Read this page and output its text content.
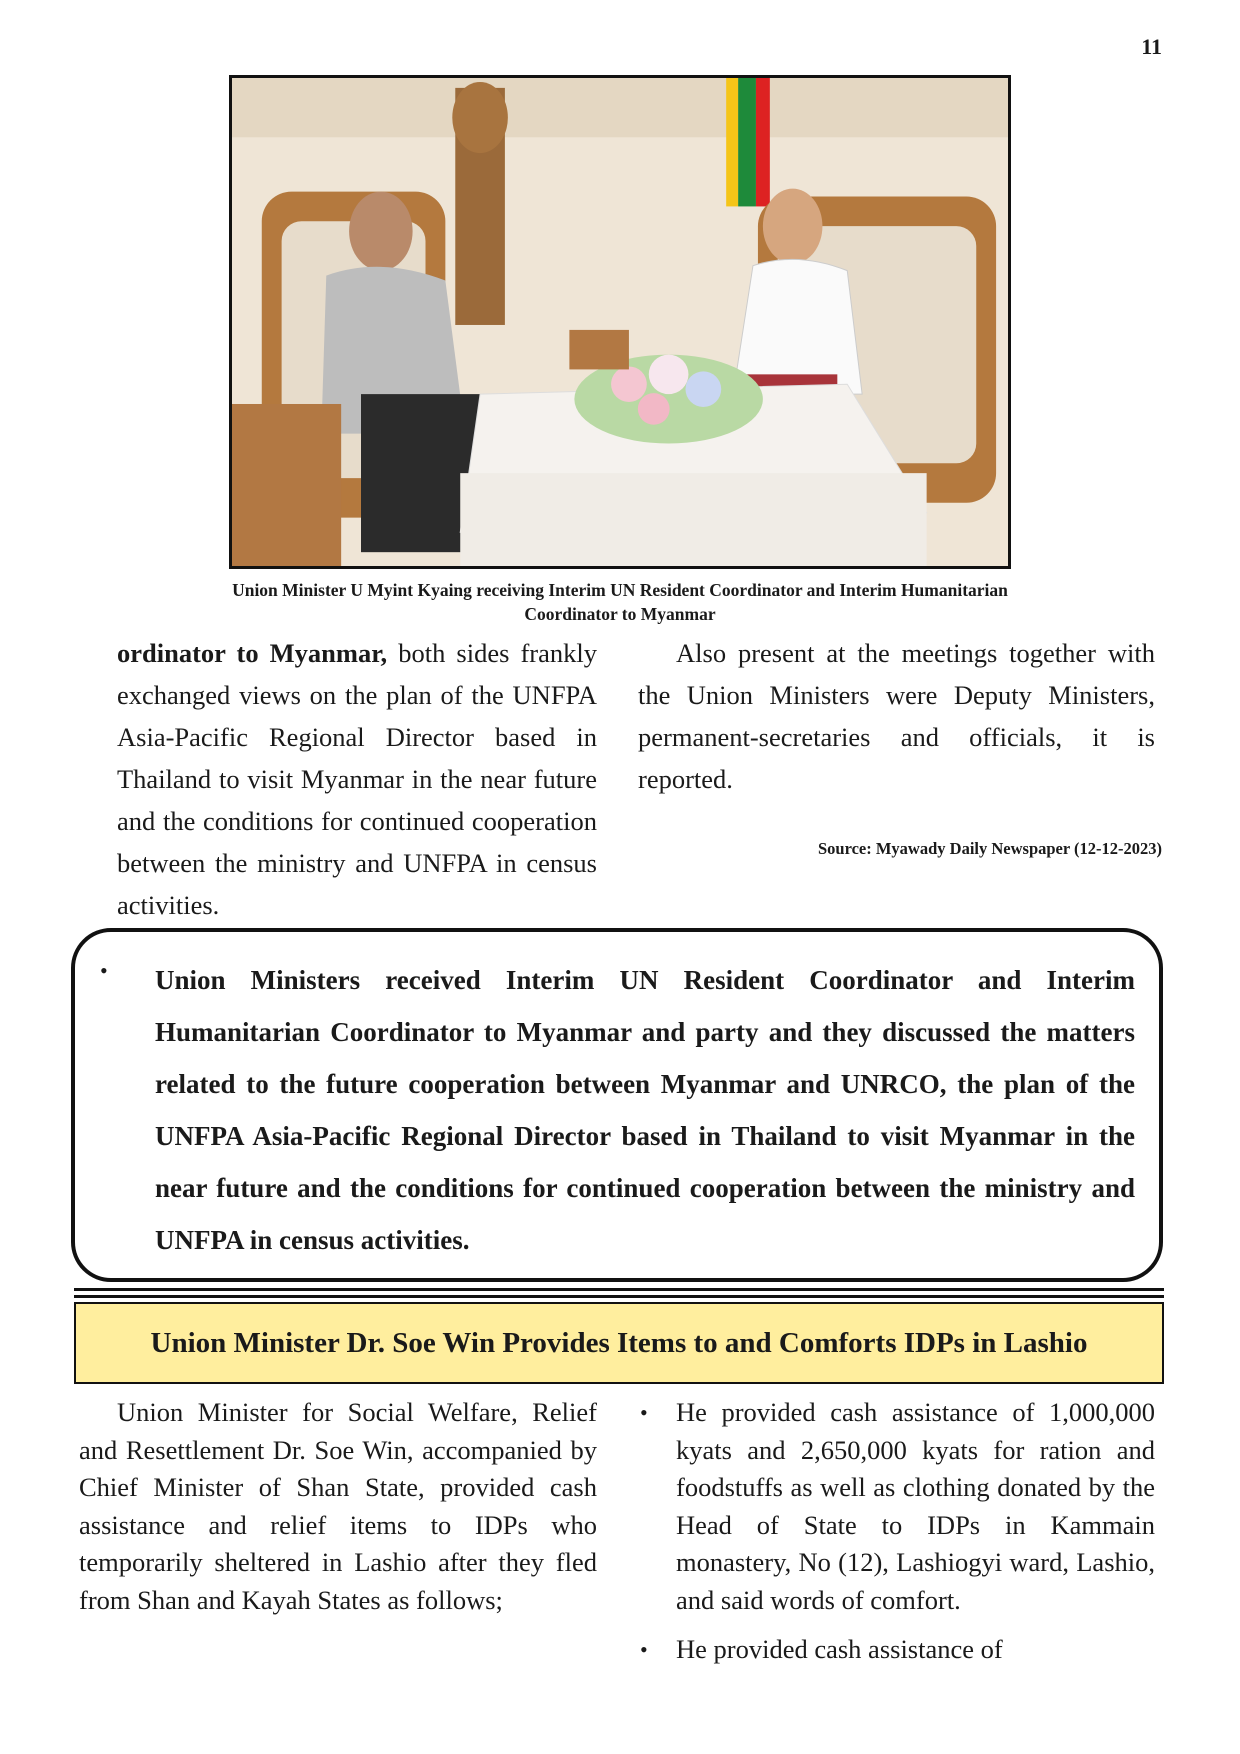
11
Union Minister U Myint Kyaing receiving Interim UN Resident Coordinator and Interim Humanitarian
Coordinator to Myanmar

ordinator to Myanmar, both sides frankly exchanged views on the plan of the UNFPA Asia-Pacific Regional Director based in Thailand to visit Myanmar in the near future and the conditions for continued cooperation between the ministry and UNFPA in census activities.

Also present at the meetings together with the Union Ministers were Deputy Ministers, permanent-secretaries and officials, it is reported.

Source: Myawady Daily Newspaper (12-12-2023)
•	Union Ministers received Interim UN Resident Coordinator and Interim Humanitarian Coordinator to Myanmar and party and they discussed the matters related to the future cooperation between Myanmar and UNRCO, the plan of the UNFPA Asia-Pacific Regional Director based in Thailand to visit Myanmar in the near future and the conditions for continued cooperation between the ministry and UNFPA in census activities.
Union Minister Dr. Soe Win Provides Items to and Comforts IDPs in Lashio

Union Minister for Social Welfare, Relief and Resettlement Dr. Soe Win, accompanied by Chief Minister of Shan State, provided cash assistance and relief items to IDPs who temporarily sheltered in Lashio after they fled from Shan and Kayah States as follows;

• He provided cash assistance of 1,000,000 kyats and 2,650,000 kyats for ration and foodstuffs as well as clothing donated by the Head of State to IDPs in Kammain monastery, No (12), Lashiogyi ward, Lashio, and said words of comfort.
• He provided cash assistance of
